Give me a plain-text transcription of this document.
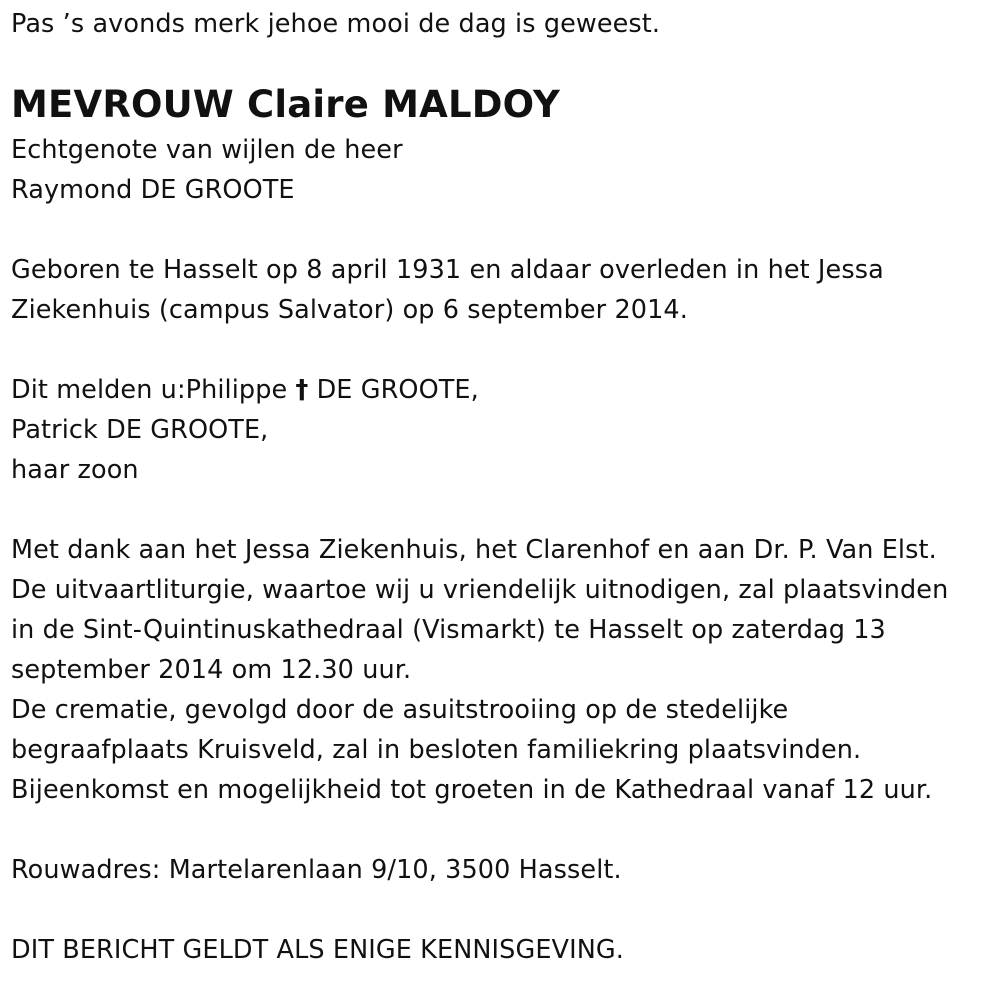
Pas ’s avonds merk jehoe mooi de dag is geweest.
MEVROUW Claire MALDOY
Echtgenote van wijlen de heer
Raymond DE GROOTE
Geboren te Hasselt op 8 april 1931 en aldaar overleden in het Jessa
Ziekenhuis (campus Salvator) op 6 september 2014.
Dit melden u:Philippe † DE GROOTE,
Patrick DE GROOTE,
haar zoon
Met dank aan het Jessa Ziekenhuis, het Clarenhof en aan Dr. P. Van Elst.
De uitvaartliturgie, waartoe wij u vriendelijk uitnodigen, zal plaatsvinden
in de Sint-Quintinuskathedraal (Vismarkt) te Hasselt op zaterdag 13
september 2014 om 12.30 uur.
De crematie, gevolgd door de asuitstrooiing op de stedelijke
begraafplaats Kruisveld, zal in besloten familiekring plaatsvinden.
Bijeenkomst en mogelijkheid tot groeten in de Kathedraal vanaf 12 uur.
Rouwadres: Martelarenlaan 9/10, 3500 Hasselt.
DIT BERICHT GELDT ALS ENIGE KENNISGEVING.
